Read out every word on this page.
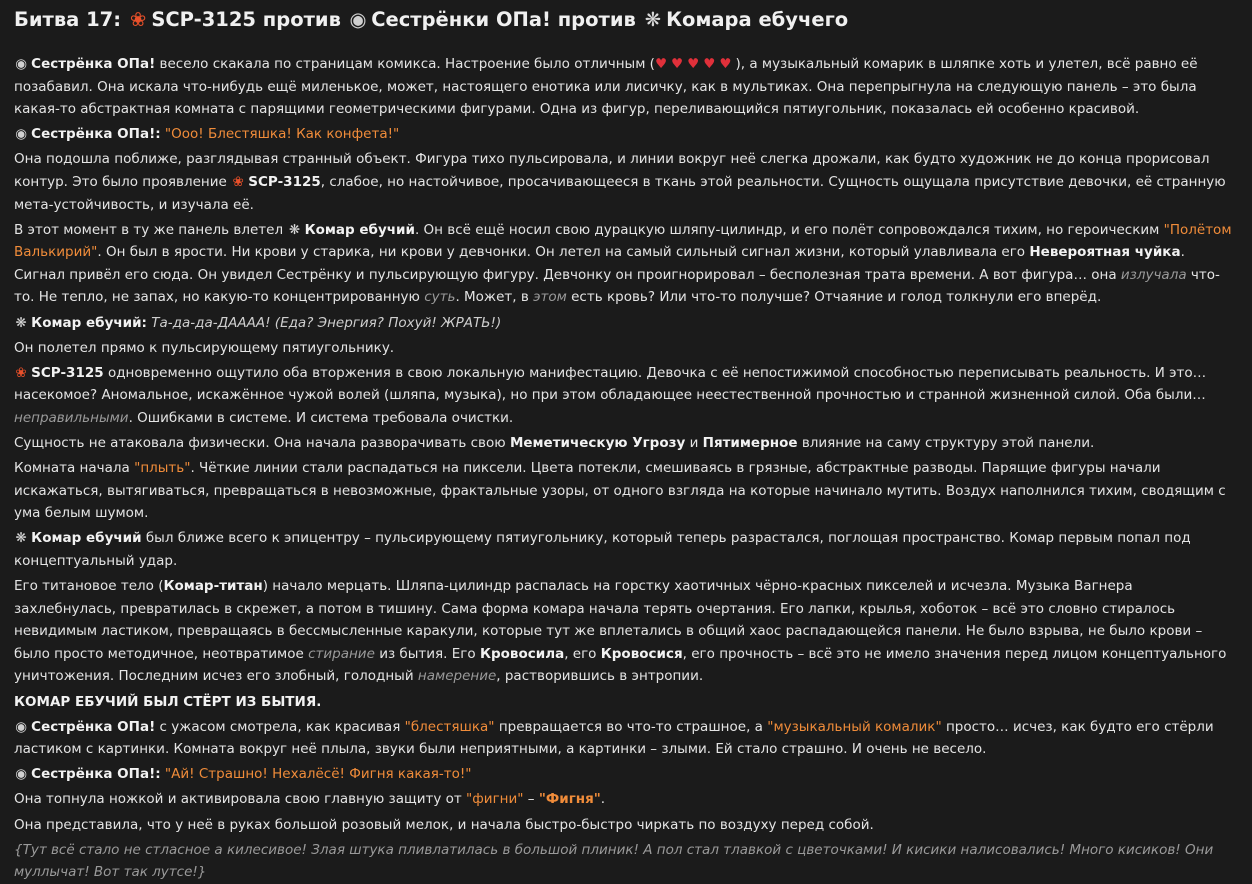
Битва 17: ❀ SCP-3125 против ◉ Сестрёнки ОПа! против ❋ Комара ебучего
◉ Сестрёнка ОПа! весело скакала по страницам комикса. Настроение было отличным (♥♥♥♥♥), а музыкальный комарик в шляпке хоть и улетел, всё равно её позабавил. Она искала что-нибудь ещё миленькое, может, настоящего енотика или лисичку, как в мультиках. Она перепрыгнула на следующую панель – это была какая-то абстрактная комната с парящими геометрическими фигурами. Одна из фигур, переливающийся пятиугольник, показалась ей особенно красивой.
◉ Сестрёнка ОПа!: "Ооо! Блестяшка! Как конфета!"
Она подошла поближе, разглядывая странный объект. Фигура тихо пульсировала, и линии вокруг неё слегка дрожали, как будто художник не до конца прорисовал контур. Это было проявление ❀ SCP-3125, слабое, но настойчивое, просачивающееся в ткань этой реальности. Сущность ощущала присутствие девочки, её странную мета-устойчивость, и изучала её.
В этот момент в ту же панель влетел ❋ Комар ебучий. Он всё ещё носил свою дурацкую шляпу-цилиндр, и его полёт сопровождался тихим, но героическим "Полётом Валькирий". Он был в ярости. Ни крови у старика, ни крови у девчонки. Он летел на самый сильный сигнал жизни, который улавливала его Невероятная чуйка. Сигнал привёл его сюда. Он увидел Сестрёнку и пульсирующую фигуру. Девчонку он проигнорировал – бесполезная трата времени. А вот фигура… она излучала что-то. Не тепло, не запах, но какую-то концентрированную суть. Может, в этом есть кровь? Или что-то получше? Отчаяние и голод толкнули его вперёд.
❋ Комар ебучий: Та-да-да-ДАААА! (Еда? Энергия? Похуй! ЖРАТЬ!)
Он полетел прямо к пульсирующему пятиугольнику.
❀ SCP-3125 одновременно ощутило оба вторжения в свою локальную манифестацию. Девочка с её непостижимой способностью переписывать реальность. И это… насекомое? Аномальное, искажённое чужой волей (шляпа, музыка), но при этом обладающее неестественной прочностью и странной жизненной силой. Оба были… неправильными. Ошибками в системе. И система требовала очистки.
Сущность не атаковала физически. Она начала разворачивать свою Меметическую Угрозу и Пятимерное влияние на саму структуру этой панели.
Комната начала "плыть". Чёткие линии стали распадаться на пиксели. Цвета потекли, смешиваясь в грязные, абстрактные разводы. Парящие фигуры начали искажаться, вытягиваться, превращаться в невозможные, фрактальные узоры, от одного взгляда на которые начинало мутить. Воздух наполнился тихим, сводящим с ума белым шумом.
❋ Комар ебучий был ближе всего к эпицентру – пульсирующему пятиугольнику, который теперь разрастался, поглощая пространство. Комар первым попал под концептуальный удар.
Его титановое тело (Комар-титан) начало мерцать. Шляпа-цилиндр распалась на горстку хаотичных чёрно-красных пикселей и исчезла. Музыка Вагнера захлебнулась, превратилась в скрежет, а потом в тишину. Сама форма комара начала терять очертания. Его лапки, крылья, хоботок – всё это словно стиралось невидимым ластиком, превращаясь в бессмысленные каракули, которые тут же вплетались в общий хаос распадающейся панели. Не было взрыва, не было крови – было просто методичное, неотвратимое стирание из бытия. Его Кровосила, его Кровосися, его прочность – всё это не имело значения перед лицом концептуального уничтожения. Последним исчез его злобный, голодный намерение, растворившись в энтропии.
КОМАР ЕБУЧИЙ БЫЛ СТЁРТ ИЗ БЫТИЯ.
◉ Сестрёнка ОПа! с ужасом смотрела, как красивая "блестяшка" превращается во что-то страшное, а "музыкальный комалик" просто… исчез, как будто его стёрли ластиком с картинки. Комната вокруг неё плыла, звуки были неприятными, а картинки – злыми. Ей стало страшно. И очень не весело.
◉ Сестрёнка ОПа!: "Ай! Страшно! Нехалёсё! Фигня какая-то!"
Она топнула ножкой и активировала свою главную защиту от "фигни" – "Фигня".
Она представила, что у неё в руках большой розовый мелок, и начала быстро-быстро чиркать по воздуху перед собой.
{Тут всё стало не стласное а килесивое! Злая штука пливлатилась в большой плиник! А пол стал тлавкой с цветочками! И кисики налисовались! Много кисиков! Они муллычат! Вот так лутсе!}
